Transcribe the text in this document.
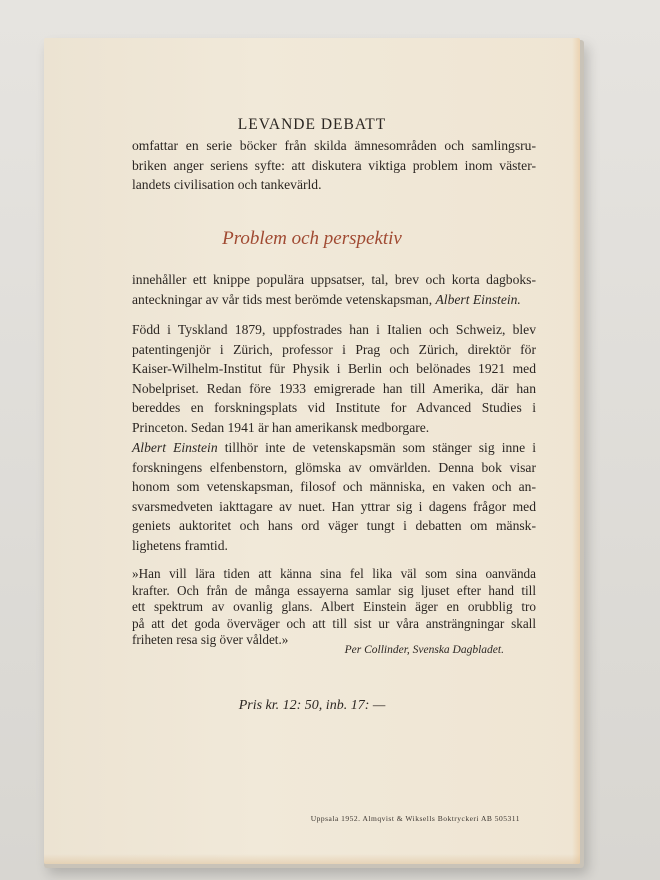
LEVANDE DEBATT
omfattar en serie böcker från skilda ämnesområden och samlingsru-
briken anger seriens syfte: att diskutera viktiga problem inom väster-
landets civilisation och tankevärld.
Problem och perspektiv
innehåller ett knippe populära uppsatser, tal, brev och korta dagboks-
anteckningar av vår tids mest berömde vetenskapsman, Albert Einstein.
Född i Tyskland 1879, uppfostrades han i Italien och Schweiz, blev
patentingenjör i Zürich, professor i Prag och Zürich, direktör för
Kaiser-Wilhelm-Institut für Physik i Berlin och belönades 1921 med
Nobelpriset. Redan före 1933 emigrerade han till Amerika, där han
bereddes en forskningsplats vid Institute for Advanced Studies i
Princeton. Sedan 1941 är han amerikansk medborgare.
Albert Einstein tillhör inte de vetenskapsmän som stänger sig inne i
forskningens elfenbenstorn, glömska av omvärlden. Denna bok visar
honom som vetenskapsman, filosof och människa, en vaken och an-
svarsmedveten iakttagare av nuet. Han yttrar sig i dagens frågor med
geniets auktoritet och hans ord väger tungt i debatten om mänsk-
lighetens framtid.
»Han vill lära tiden att känna sina fel lika väl som sina oanvända
krafter. Och från de många essayerna samlar sig ljuset efter hand till
ett spektrum av ovanlig glans. Albert Einstein äger en orubblig tro
på att det goda överväger och att till sist ur våra ansträngningar skall
friheten resa sig över våldet.»
Per Collinder, Svenska Dagbladet.
Pris kr. 12: 50, inb. 17: —
Uppsala 1952. Almqvist & Wiksells Boktryckeri AB 505311
